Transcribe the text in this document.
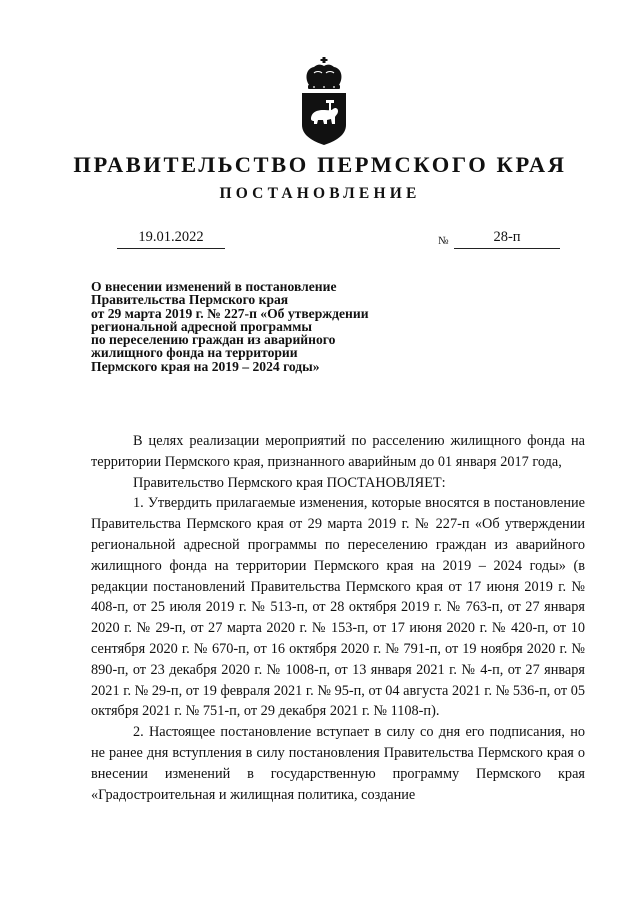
ПРАВИТЕЛЬСТВО ПЕРМСКОГО КРАЯ
ПОСТАНОВЛЕНИЕ
19.01.2022	№	28-п
О внесении изменений в постановление
Правительства Пермского края
от 29 марта 2019 г. № 227-п «Об утверждении
региональной адресной программы
по переселению граждан из аварийного
жилищного фонда на территории
Пермского края на 2019 – 2024 годы»

В целях реализации мероприятий по расселению жилищного фонда на территории Пермского края, признанного аварийным до 01 января 2017 года,

Правительство Пермского края ПОСТАНОВЛЯЕТ:

1. Утвердить прилагаемые изменения, которые вносятся в постановление Правительства Пермского края от 29 марта 2019 г. № 227-п «Об утверждении региональной адресной программы по переселению граждан из аварийного жилищного фонда на территории Пермского края на 2019 – 2024 годы» (в редакции постановлений Правительства Пермского края от 17 июня 2019 г. № 408-п, от 25 июля 2019 г. № 513-п, от 28 октября 2019 г. № 763-п, от 27 января 2020 г. № 29-п, от 27 марта 2020 г. № 153-п, от 17 июня 2020 г. № 420-п, от 10 сентября 2020 г. № 670-п, от 16 октября 2020 г. № 791-п, от 19 ноября 2020 г. № 890-п, от 23 декабря 2020 г. № 1008-п, от 13 января 2021 г. № 4-п, от 27 января 2021 г. № 29-п, от 19 февраля 2021 г. № 95-п, от 04 августа 2021 г. № 536-п, от 05 октября 2021 г. № 751-п, от 29 декабря 2021 г. № 1108-п).

2. Настоящее постановление вступает в силу со дня его подписания, но не ранее дня вступления в силу постановления Правительства Пермского края о внесении изменений в государственную программу Пермского края «Градостроительная и жилищная политика, создание
